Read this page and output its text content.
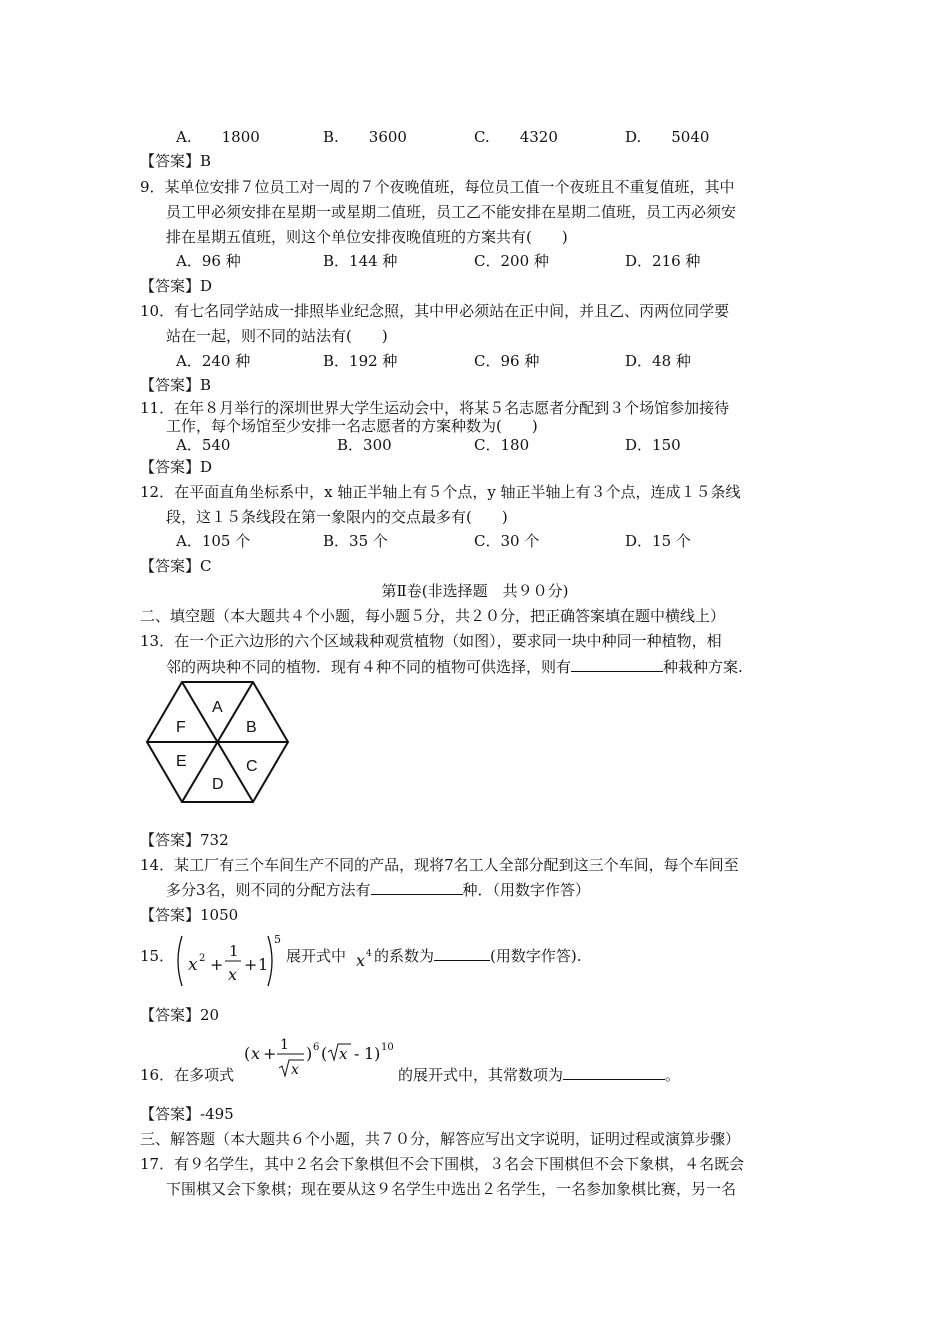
A.　　1800	B.　　3600	C.　　4320	D.　　5040
【答案】B
9．某单位安排７位员工对一周的７个夜晚值班，每位员工值一个夜班且不重复值班，其中
员工甲必须安排在星期一或星期二值班，员工乙不能安排在星期二值班，员工丙必须安
排在星期五值班，则这个单位安排夜晚值班的方案共有(　　)
A．96 种	B．144 种	C．200 种	D．216 种
【答案】D
10．有七名同学站成一排照毕业纪念照，其中甲必须站在正中间，并且乙、丙两位同学要
站在一起，则不同的站法有(　　)
A．240 种	B．192 种	C．96 种	D．48 种
【答案】B
11．在年８月举行的深圳世界大学生运动会中，将某５名志愿者分配到３个场馆参加接待
工作，每个场馆至少安排一名志愿者的方案种数为(　　)
A．540	B．300	C．180	D．150
【答案】D
12．在平面直角坐标系中，x 轴正半轴上有５个点，y 轴正半轴上有３个点，连成１５条线
段，这１５条线段在第一象限内的交点最多有(　　)
A．105 个	B．35 个	C．30 个	D．15 个
【答案】C
第Ⅱ卷(非选择题　共９０分)
二、填空题（本大题共４个小题，每小题５分，共２０分，把正确答案填在题中横线上）
13．在一个正六边形的六个区域栽种观赏植物（如图），要求同一块中种同一种植物，相
邻的两块种不同的植物．现有４种不同的植物可供选择，则有	种栽种方案.
A
B
C
D
E
F
【答案】732
14．某工厂有三个车间生产不同的产品，现将7名工人全部分配到这三个车间，每个车间至
多分3名，则不同的分配方法有	种．（用数字作答）
【答案】1050
15． x 2 +
1
x
+ 1
5
展开式中 x 4 的系数为	(用数字作答).
【答案】20
( x + 1
x
) 6 ( x - 1) 10
16．在多项式	的展开式中，其常数项为	。
【答案】-495
三、解答题（本大题共６个小题，共７０分，解答应写出文字说明，证明过程或演算步骤）
17．有９名学生，其中２名会下象棋但不会下围棋，３名会下围棋但不会下象棋，４名既会
下围棋又会下象棋；现在要从这９名学生中选出２名学生，一名参加象棋比赛，另一名
